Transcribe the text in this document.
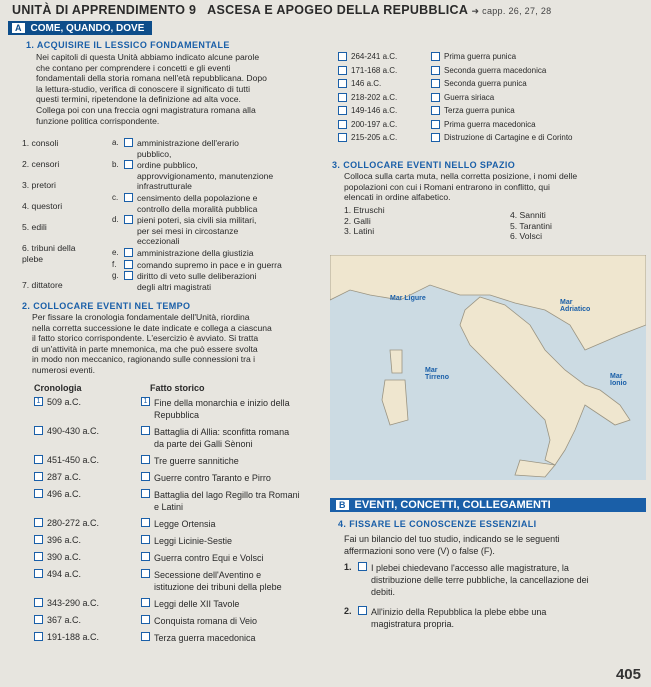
UNITÀ DI APPRENDIMENTO 9 ASCESA E APOGEO DELLA REPUBBLICA ➜ capp. 26, 27, 28
A COME, QUANDO, DOVE
1. ACQUISIRE IL LESSICO FONDAMENTALE
Nei capitoli di questa Unità abbiamo indicato alcune parole
che contano per comprendere i concetti e gli eventi
fondamentali della storia romana nell'età repubblicana. Dopo
la lettura-studio, verifica di conoscere il significato di tutti
questi termini, ripetendone la definizione ad alta voce.
Collega poi con una freccia ogni magistratura romana alla
funzione politica corrispondente.
1. consoli
2. censori
3. pretori
4. questori
5. edili
6. tribuni della plebe
7. dittatore
a.	amministrazione dell'erario
pubblico,
b.	ordine pubblico,
approvvigionamento, manutenzione
infrastrutturale
c.	censimento della popolazione e
controllo della moralità pubblica
d.	pieni poteri, sia civili sia militari,
per sei mesi in circostanze
eccezionali
e.	amministrazione della giustizia
f.	comando supremo in pace e in guerra
g.	diritto di veto sulle deliberazioni
degli altri magistrati
264-241 a.C.	Prima guerra punica
171-168 a.C.	Seconda guerra macedonica
146 a.C.	Seconda guerra punica
218-202 a.C.	Guerra siriaca
149-146 a.C.	Terza guerra punica
200-197 a.C.	Prima guerra macedonica
215-205 a.C.	Distruzione di Cartagine e di Corinto
3. COLLOCARE EVENTI NELLO SPAZIO
Colloca sulla carta muta, nella corretta posizione, i nomi delle
popolazioni con cui i Romani entrarono in conflitto, qui
elencati in ordine alfabetico.
1. Etruschi
2. Galli
3. Latini
4. Sanniti
5. Tarantini
6. Volsci
Mar Ligure
Mar Adriatico
Mar Tirreno	Mar Ionio
2. COLLOCARE EVENTI NEL TEMPO
Per fissare la cronologia fondamentale dell'Unità, riordina
nella corretta successione le date indicate e collega a ciascuna
il fatto storico corrispondente. L'esercizio è avviato. Si tratta
di un'attività in parte mnemonica, ma che può essere svolta
in modo non meccanico, ragionando sulle connessioni tra i
numerosi eventi.
Cronologia	Fatto storico
1 509 a.C.	1 Fine della monarchia e inizio della
Repubblica
490-430 a.C.	Battaglia di Allia: sconfitta romana
da parte dei Galli Sènoni
451-450 a.C.	Tre guerre sannitiche
287 a.C.	Guerre contro Taranto e Pirro
496 a.C.	Battaglia del lago Regillo tra Romani
e Latini
280-272 a.C.	Legge Ortensia
396 a.C.	Leggi Licinie-Sestie
390 a.C.	Guerra contro Equi e Volsci
494 a.C.	Secessione dell'Aventino e
istituzione dei tribuni della plebe
343-290 a.C.	Leggi delle XII Tavole
367 a.C.	Conquista romana di Veio
191-188 a.C.	Terza guerra macedonica
B EVENTI, CONCETTI, COLLEGAMENTI
4. FISSARE LE CONOSCENZE ESSENZIALI
Fai un bilancio del tuo studio, indicando se le seguenti
affermazioni sono vere (V) o false (F).
1.	I plebei chiedevano l'accesso alle magistrature, la
distribuzione delle terre pubbliche, la cancellazione dei
debiti.
2.	All'inizio della Repubblica la plebe ebbe una
magistratura propria.
405
